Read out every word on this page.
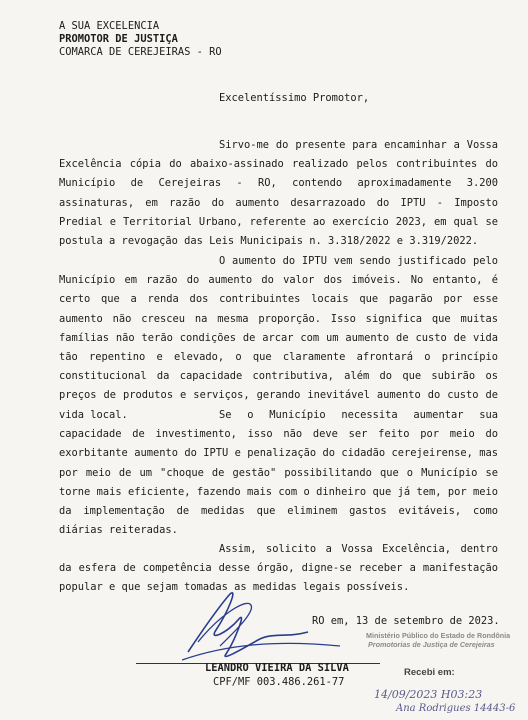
A SUA EXCELENCIA
PROMOTOR DE JUSTIÇA
COMARCA DE CEREJEIRAS - RO
Excelentíssimo Promotor,
Sirvo-me do presente para encaminhar a Vossa Excelência cópia do abaixo-assinado realizado pelos contribuintes do Município de Cerejeiras - RO, contendo aproximadamente 3.200 assinaturas, em razão do aumento desarrazoado do IPTU - Imposto Predial e Territorial Urbano, referente ao exercício 2023, em qual se postula a revogação das Leis Municipais n. 3.318/2022 e 3.319/2022.
O aumento do IPTU vem sendo justificado pelo Município em razão do aumento do valor dos imóveis. No entanto, é certo que a renda dos contribuintes locais que pagarão por esse aumento não cresceu na mesma proporção. Isso significa que muitas famílias não terão condições de arcar com um aumento de custo de vida tão repentino e elevado, o que claramente afrontará o princípio constitucional da capacidade contributiva, além do que subirão os preços de produtos e serviços, gerando inevitável aumento do custo de vida local.	Se o Município necessita aumentar sua capacidade de investimento, isso não deve ser feito por meio do exorbitante aumento do IPTU e penalização do cidadão cerejeirense, mas por meio de um "choque de gestão" possibilitando que o Município se torne mais eficiente, fazendo mais com o dinheiro que já tem, por meio da implementação de medidas que eliminem gastos evitáveis, como diárias reiteradas.
Assim, solicito a Vossa Excelência, dentro da esfera de competência desse órgão, digne-se receber a manifestação popular e que sejam tomadas as medidas legais possíveis.
RO em, 13 de setembro de 2023.
LEANDRO VIEIRA DA SILVA
CPF/MF 003.486.261-77
Ministério Público do Estado de Rondônia
Promotorias de Justiça de Cerejeiras
Recebi em:
14/09/2023 H03:23
Ana Rodrigues 14443-6
